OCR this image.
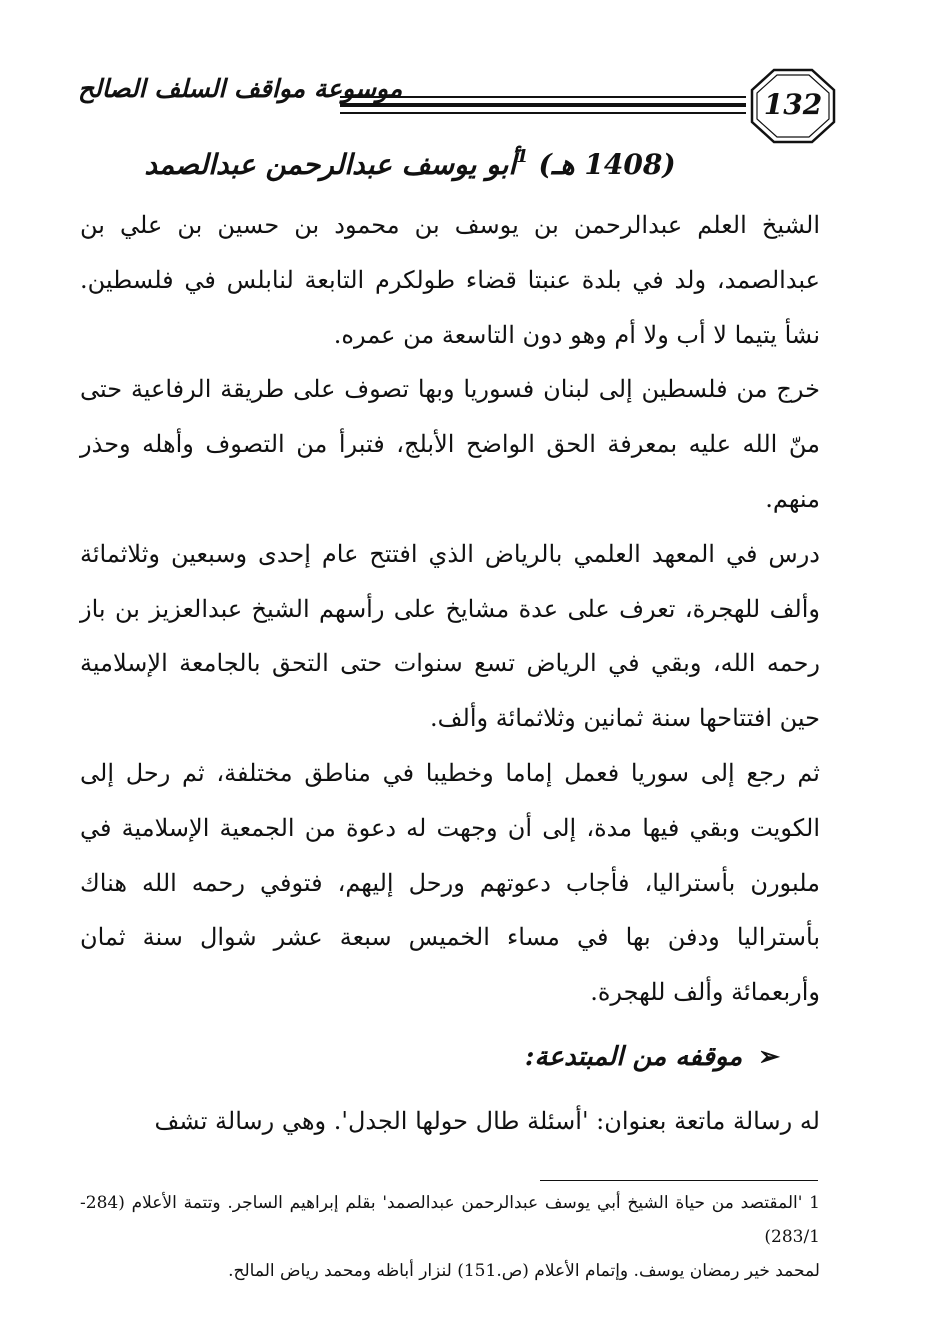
موسوعة مواقف السلف الصالح	132
أبو يوسف عبدالرحمن عبدالصمد$^1$ (1408 هـ)

الشيخ العلم عبدالرحمن بن يوسف بن محمود بن حسين بن علي بن عبدالصمد، ولد في بلدة عنبتا قضاء طولكرم التابعة لنابلس في فلسطين. نشأ يتيما لا أب ولا أم وهو دون التاسعة من عمره.

خرج من فلسطين إلى لبنان فسوريا وبها تصوف على طريقة الرفاعية حتى منّ الله عليه بمعرفة الحق الواضح الأبلج، فتبرأ من التصوف وأهله وحذر منهم.

درس في المعهد العلمي بالرياض الذي افتتح عام إحدى وسبعين وثلاثمائة وألف للهجرة، تعرف على عدة مشايخ على رأسهم الشيخ عبدالعزيز بن باز رحمه الله، وبقي في الرياض تسع سنوات حتى التحق بالجامعة الإسلامية حين افتتاحها سنة ثمانين وثلاثمائة وألف.

ثم رجع إلى سوريا فعمل إماما وخطيبا في مناطق مختلفة، ثم رحل إلى الكويت وبقي فيها مدة، إلى أن وجهت له دعوة من الجمعية الإسلامية في ملبورن بأستراليا، فأجاب دعوتهم ورحل إليهم، فتوفي رحمه الله هناك بأستراليا ودفن بها في مساء الخميس سبعة عشر شوال سنة ثمان وأربعمائة وألف للهجرة.

➢موقفه من المبتدعة:
له رسالة ماتعة بعنوان: 'أسئلة طال حولها الجدل'. وهي رسالة تشف

1 'المقتصد من حياة الشيخ أبي يوسف عبدالرحمن عبدالصمد' بقلم إبراهيم الساجر. وتتمة الأعلام (284-283/1)

لمحمد خير رمضان يوسف. وإتمام الأعلام (ص.151) لنزار أباظه ومحمد رياض المالح.
